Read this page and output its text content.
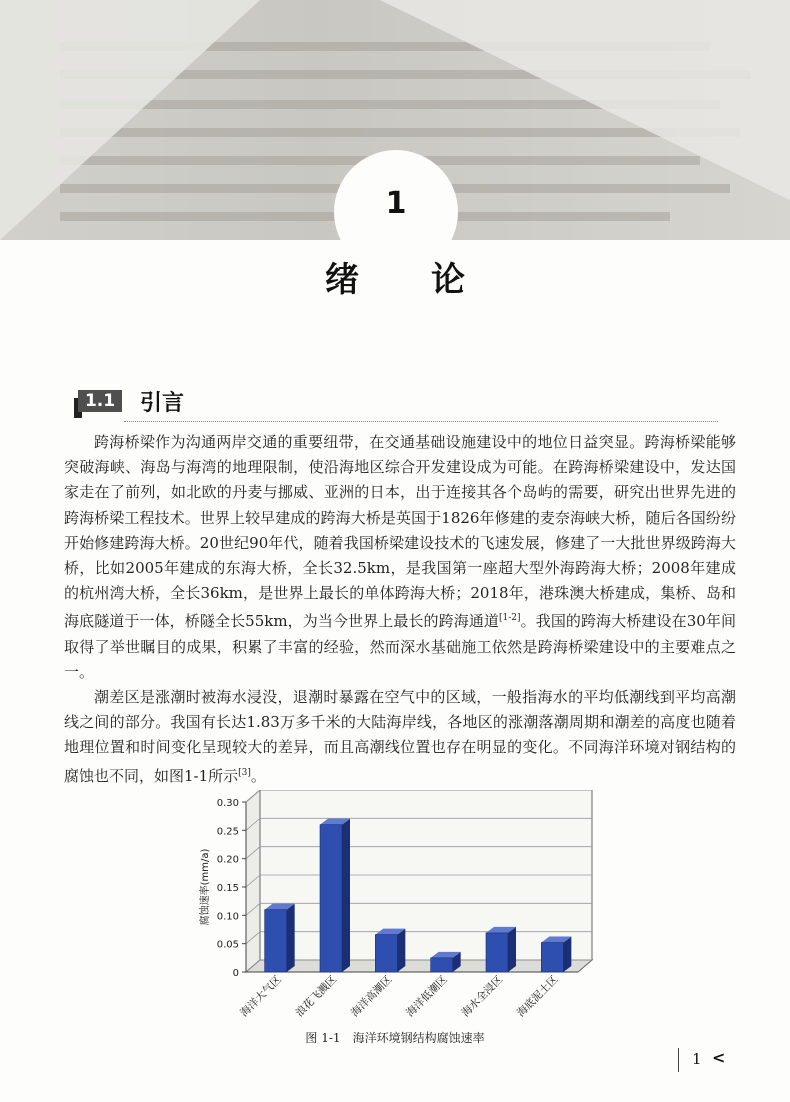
1
绪论
1.1	引言

跨海桥梁作为沟通两岸交通的重要纽带，在交通基础设施建设中的地位日益突显。跨海桥梁能够突破海峡、海岛与海湾的地理限制，使沿海地区综合开发建设成为可能。在跨海桥梁建设中，发达国家走在了前列，如北欧的丹麦与挪威、亚洲的日本，出于连接其各个岛屿的需要，研究出世界先进的跨海桥梁工程技术。世界上较早建成的跨海大桥是英国于1826年修建的麦奈海峡大桥，随后各国纷纷开始修建跨海大桥。20世纪90年代，随着我国桥梁建设技术的飞速发展，修建了一大批世界级跨海大桥，比如2005年建成的东海大桥，全长32.5km，是我国第一座超大型外海跨海大桥；2008年建成的杭州湾大桥，全长36km，是世界上最长的单体跨海大桥；2018年，港珠澳大桥建成，集桥、岛和海底隧道于一体，桥隧全长55km，为当今世界上最长的跨海通道[1-2]。我国的跨海大桥建设在30年间取得了举世瞩目的成果，积累了丰富的经验，然而深水基础施工依然是跨海桥梁建设中的主要难点之一。

潮差区是涨潮时被海水浸没，退潮时暴露在空气中的区域，一般指海水的平均低潮线到平均高潮线之间的部分。我国有长达1.83万多千米的大陆海岸线，各地区的涨潮落潮周期和潮差的高度也随着地理位置和时间变化呈现较大的差异，而且高潮线位置也存在明显的变化。不同海洋环境对钢结构的腐蚀也不同，如图1-1所示[3]。

0
0.05
0.10
0.15
0.20
0.25
0.30
腐蚀速率(mm/a)
海洋大气区 浪花飞溅区 海洋高潮区 海洋低潮区 海水全浸区 海底泥土区
图 1-1 海洋环境钢结构腐蚀速率
1 <
